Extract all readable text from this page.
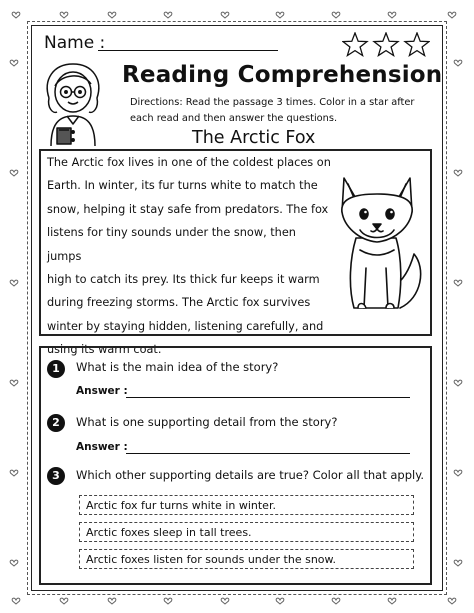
Name :
Reading Comprehension
Directions: Read the passage 3 times. Color in a star after each read and then answer the questions.
The Arctic Fox
The Arctic fox lives in one of the coldest places on
Earth. In winter, its fur turns white to match the
snow, helping it stay safe from predators. The fox
listens for tiny sounds under the snow, then jumps
high to catch its prey. Its thick fur keeps it warm
during freezing storms. The Arctic fox survives
winter by staying hidden, listening carefully, and
using its warm coat.
1	What is the main idea of the story?
Answer :
2	What is one supporting detail from the story?
Answer :
3	Which other supporting details are true? Color all that apply.
Arctic fox fur turns white in winter.
Arctic foxes sleep in tall trees.
Arctic foxes listen for sounds under the snow.
